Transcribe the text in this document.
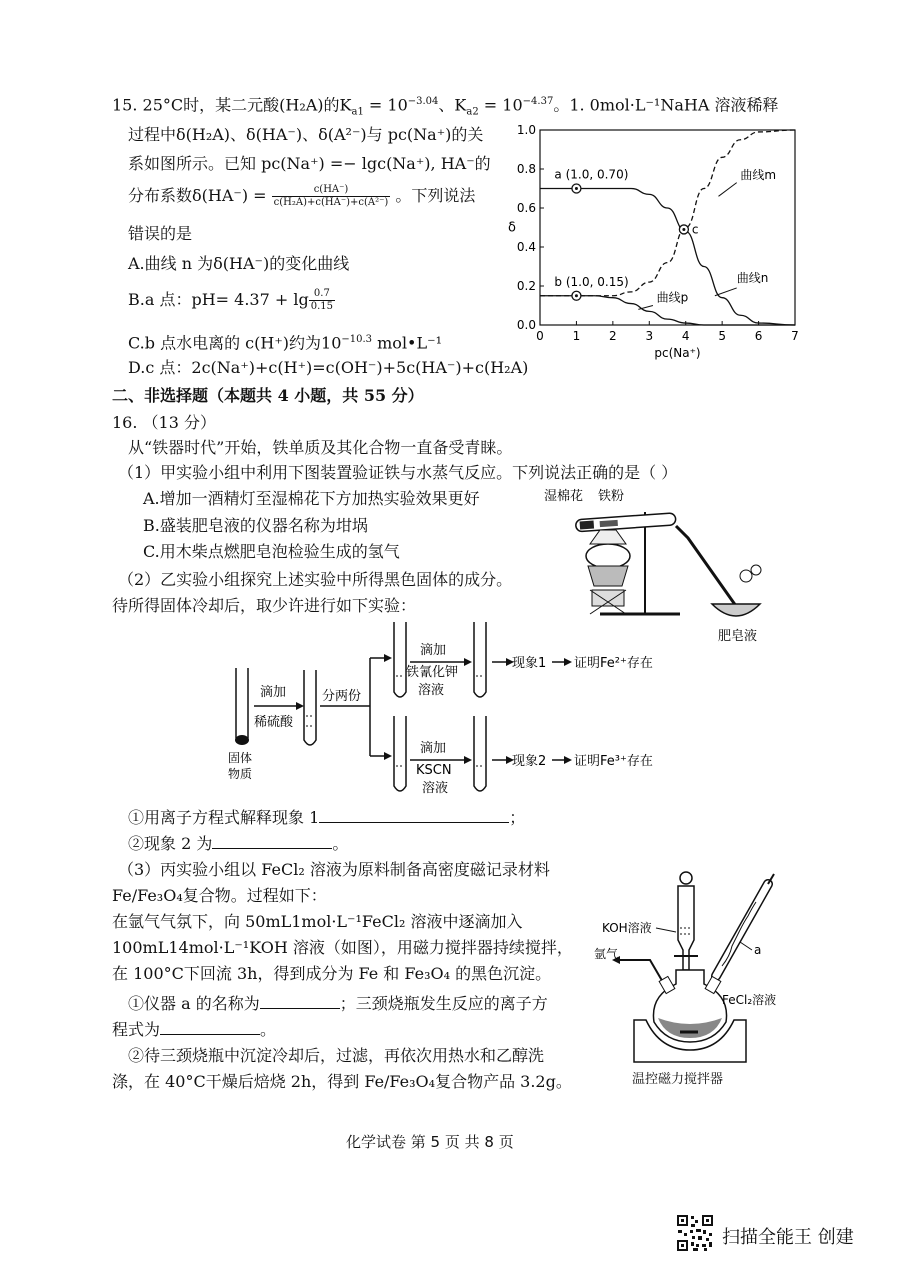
15. 25°C时，某二元酸(H₂A)的$K_{a1} = 10^{-3.04}$、$K_{a2} = 10^{-4.37}$。1. 0mol·L⁻¹NaHA 溶液稀释
过程中δ(H₂A)、δ(HA⁻)、δ(A²⁻)与 pc(Na⁺)的关
系如图所示。已知 pc(Na⁺) =− lgc(Na⁺), HA⁻的
分布系数$\delta(HA^-) = \frac{c(HA^-)}{\text{c(H₂A)+c(HA⁻)+c(A²⁻)}}$ 。下列说法
错误的是
A.曲线 n 为δ(HA⁻)的变化曲线
B.a 点：$pH= 4.37 + \lg \frac{0.7}{0.15}$
C.b 点水电离的 c(H⁺)约为$10^{-10.3}$ mol•L⁻¹
D.c 点：2c(Na⁺)+c(H⁺)=c(OH⁻)+5c(HA⁻)+c(H₂A)
0 1 2 3 4 5 6 7
0.0
0.2
0.4
0.6
0.8
1.0
pc(Na⁺)
δ
曲线m
曲线n
曲线p
a (1.0, 0.70)
b (1.0, 0.15)
c
二、非选择题（本题共 4 小题，共 55 分）
16. （13 分）
从“铁器时代”开始，铁单质及其化合物一直备受青睐。
（1）甲实验小组中利用下图装置验证铁与水蒸气反应。下列说法正确的是（ ）
A.增加一酒精灯至湿棉花下方加热实验效果更好
B.盛装肥皂液的仪器名称为坩埚
C.用木柴点燃肥皂泡检验生成的氢气
（2）乙实验小组探究上述实验中所得黑色固体的成分。
待所得固体冷却后，取少许进行如下实验：
湿棉花 铁粉
肥皂液
固体
物质
滴加
稀硫酸
分两份
滴加
铁氰化钾
溶液
现象1 证明Fe²⁺存在
滴加
KSCN
溶液
现象2 证明Fe³⁺存在
①用离子方程式解释现象 1	；
②现象 2 为	。
（3）丙实验小组以 FeCl₂ 溶液为原料制备高密度磁记录材料
Fe/Fe₃O₄复合物。过程如下：
在氩气气氛下，向 50mL1mol·L⁻¹FeCl₂ 溶液中逐滴加入
100mL14mol·L⁻¹KOH 溶液（如图），用磁力搅拌器持续搅拌，
在 100°C下回流 3h，得到成分为 Fe 和 Fe₃O₄ 的黑色沉淀。
①仪器 a 的名称为	；三颈烧瓶发生反应的离子方
程式为	。
②待三颈烧瓶中沉淀冷却后，过滤，再依次用热水和乙醇洗
涤，在 40°C干燥后焙烧 2h，得到 Fe/Fe₃O₄复合物产品 3.2g。
KOH溶液
氩气	a
FeCl₂溶液
温控磁力搅拌器
化学试卷 第 5 页 共 8 页
扫描全能王 创建
